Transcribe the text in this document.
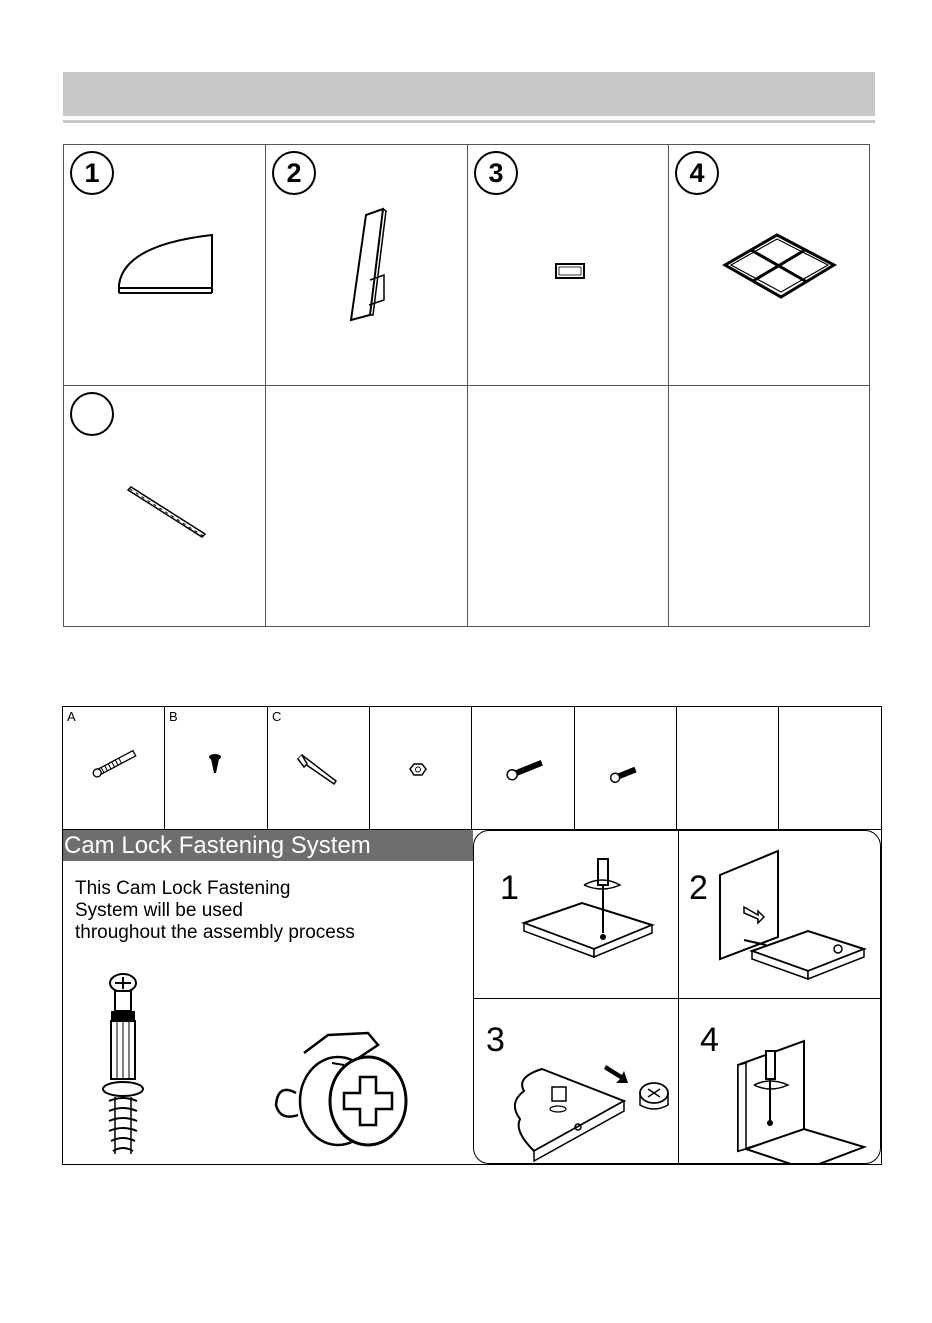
1	2	3	4
A	B	C
Cam Lock Fastening System
This Cam Lock Fastening
System will be used
throughout the assembly process
1	2
3	4
